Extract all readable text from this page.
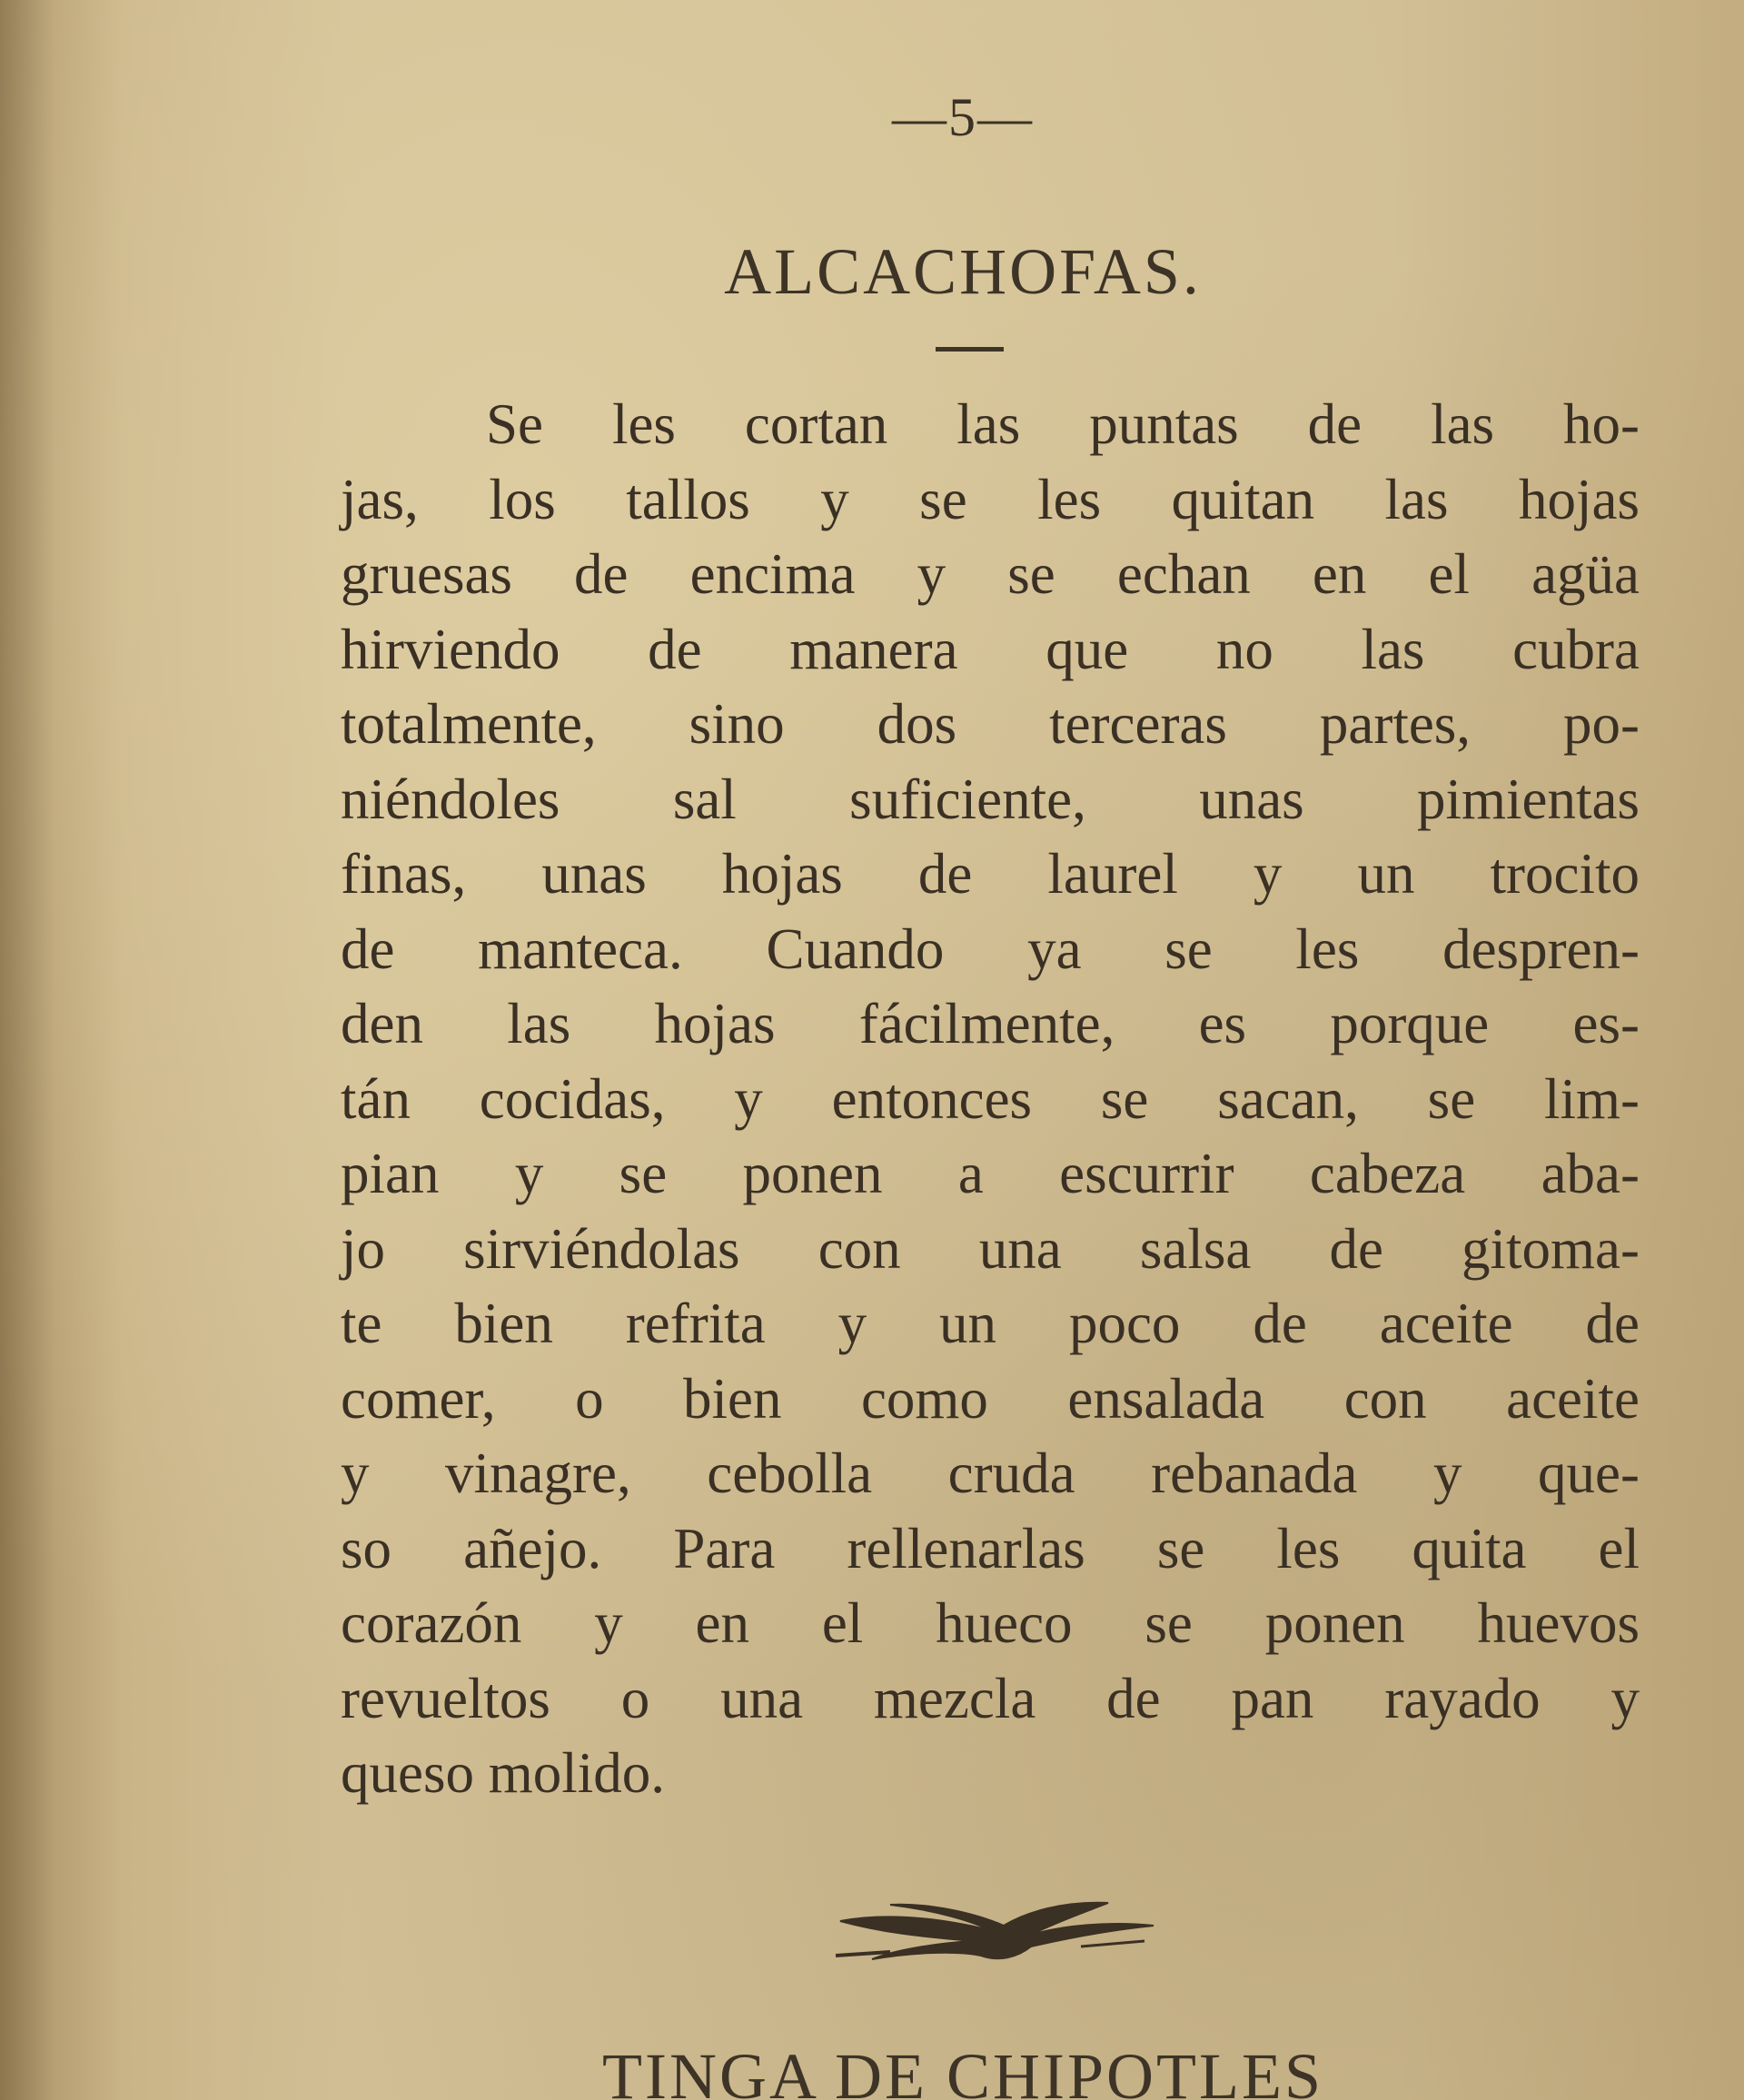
—5—
ALCACHOFAS.
Se les cortan las puntas de las ho-
jas, los tallos y se les quitan las hojas
gruesas de encima y se echan en el agüa
hirviendo de manera que no las cubra
totalmente, sino dos terceras partes, po-
niéndoles sal suficiente, unas pimientas
finas, unas hojas de laurel y un trocito
de manteca. Cuando ya se les despren-
den las hojas fácilmente, es porque es-
tán cocidas, y entonces se sacan, se lim-
pian y se ponen a escurrir cabeza aba-
jo sirviéndolas con una salsa de gitoma-
te bien refrita y un poco de aceite de
comer, o bien como ensalada con aceite
y vinagre, cebolla cruda rebanada y que-
so añejo. Para rellenarlas se les quita el
corazón y en el hueco se ponen huevos
revueltos o una mezcla de pan rayado y
queso molido.
TINGA DE CHIPOTLES
